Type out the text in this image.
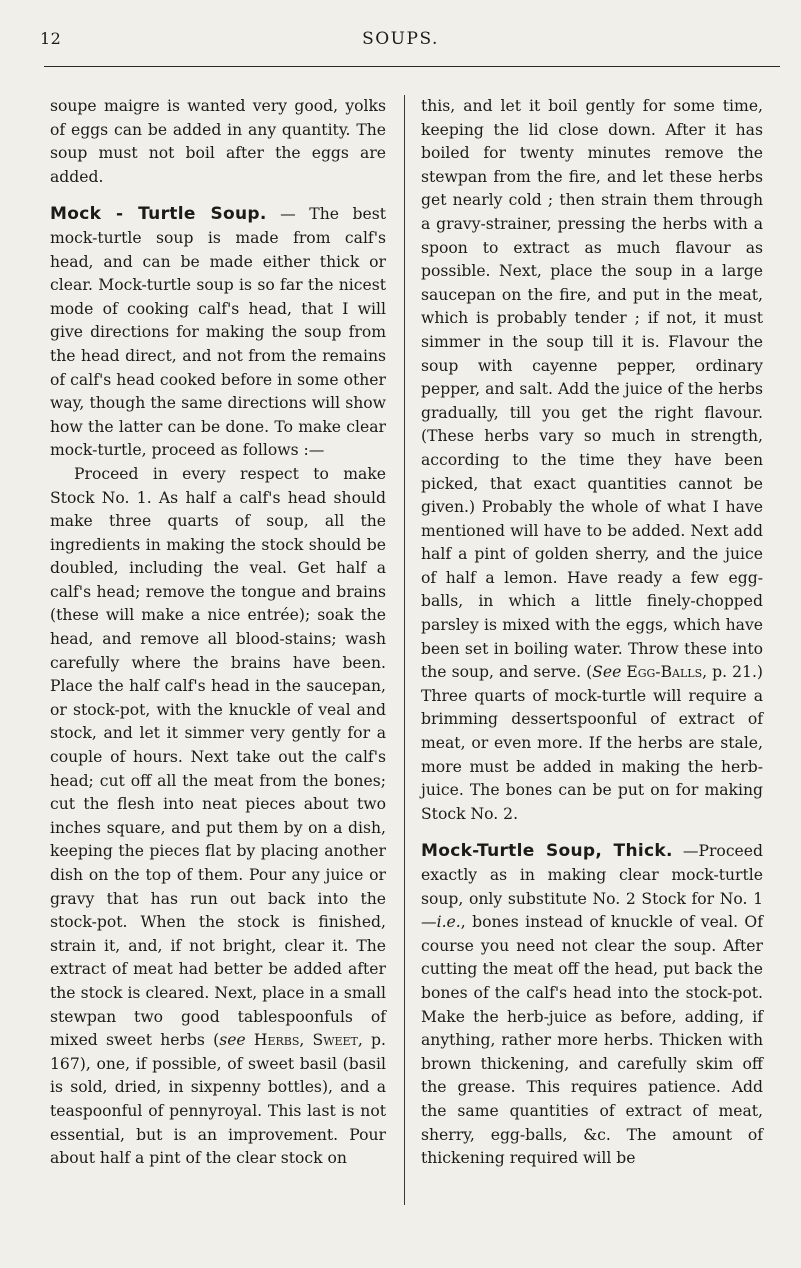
12	SOUPS.

soupe maigre is wanted very good, yolks of eggs can be added in any quantity. The soup must not boil after the eggs are added.

Mock - Turtle Soup. — The best mock-turtle soup is made from calf's head, and can be made either thick or clear. Mock-turtle soup is so far the nicest mode of cooking calf's head, that I will give directions for making the soup from the head direct, and not from the remains of calf's head cooked before in some other way, though the same directions will show how the latter can be done. To make clear mock-turtle, proceed as follows :—

Proceed in every respect to make Stock No. 1. As half a calf's head should make three quarts of soup, all the ingredients in making the stock should be doubled, including the veal. Get half a calf's head; remove the tongue and brains (these will make a nice entrée); soak the head, and remove all blood-stains; wash carefully where the brains have been. Place the half calf's head in the saucepan, or stock-pot, with the knuckle of veal and stock, and let it simmer very gently for a couple of hours. Next take out the calf's head; cut off all the meat from the bones; cut the flesh into neat pieces about two inches square, and put them by on a dish, keeping the pieces flat by placing another dish on the top of them. Pour any juice or gravy that has run out back into the stock-pot. When the stock is finished, strain it, and, if not bright, clear it. The extract of meat had better be added after the stock is cleared. Next, place in a small stewpan two good tablespoonfuls of mixed sweet herbs (see Herbs, Sweet, p. 167), one, if possible, of sweet basil (basil is sold, dried, in sixpenny bottles), and a teaspoonful of pennyroyal. This last is not essential, but is an improvement. Pour about half a pint of the clear stock on

this, and let it boil gently for some time, keeping the lid close down. After it has boiled for twenty minutes remove the stewpan from the fire, and let these herbs get nearly cold ; then strain them through a gravy-strainer, pressing the herbs with a spoon to extract as much flavour as possible. Next, place the soup in a large saucepan on the fire, and put in the meat, which is probably tender ; if not, it must simmer in the soup till it is. Flavour the soup with cayenne pepper, ordinary pepper, and salt. Add the juice of the herbs gradually, till you get the right flavour. (These herbs vary so much in strength, according to the time they have been picked, that exact quantities cannot be given.) Probably the whole of what I have mentioned will have to be added. Next add half a pint of golden sherry, and the juice of half a lemon. Have ready a few egg-balls, in which a little finely-chopped parsley is mixed with the eggs, which have been set in boiling water. Throw these into the soup, and serve. (See Egg-Balls, p. 21.) Three quarts of mock-turtle will require a brimming dessertspoonful of extract of meat, or even more. If the herbs are stale, more must be added in making the herb-juice. The bones can be put on for making Stock No. 2.

Mock-Turtle Soup, Thick. —Proceed exactly as in making clear mock-turtle soup, only substitute No. 2 Stock for No. 1—i.e., bones instead of knuckle of veal. Of course you need not clear the soup. After cutting the meat off the head, put back the bones of the calf's head into the stock-pot. Make the herb-juice as before, adding, if anything, rather more herbs. Thicken with brown thickening, and carefully skim off the grease. This requires patience. Add the same quantities of extract of meat, sherry, egg-balls, &c. The amount of thickening required will be
